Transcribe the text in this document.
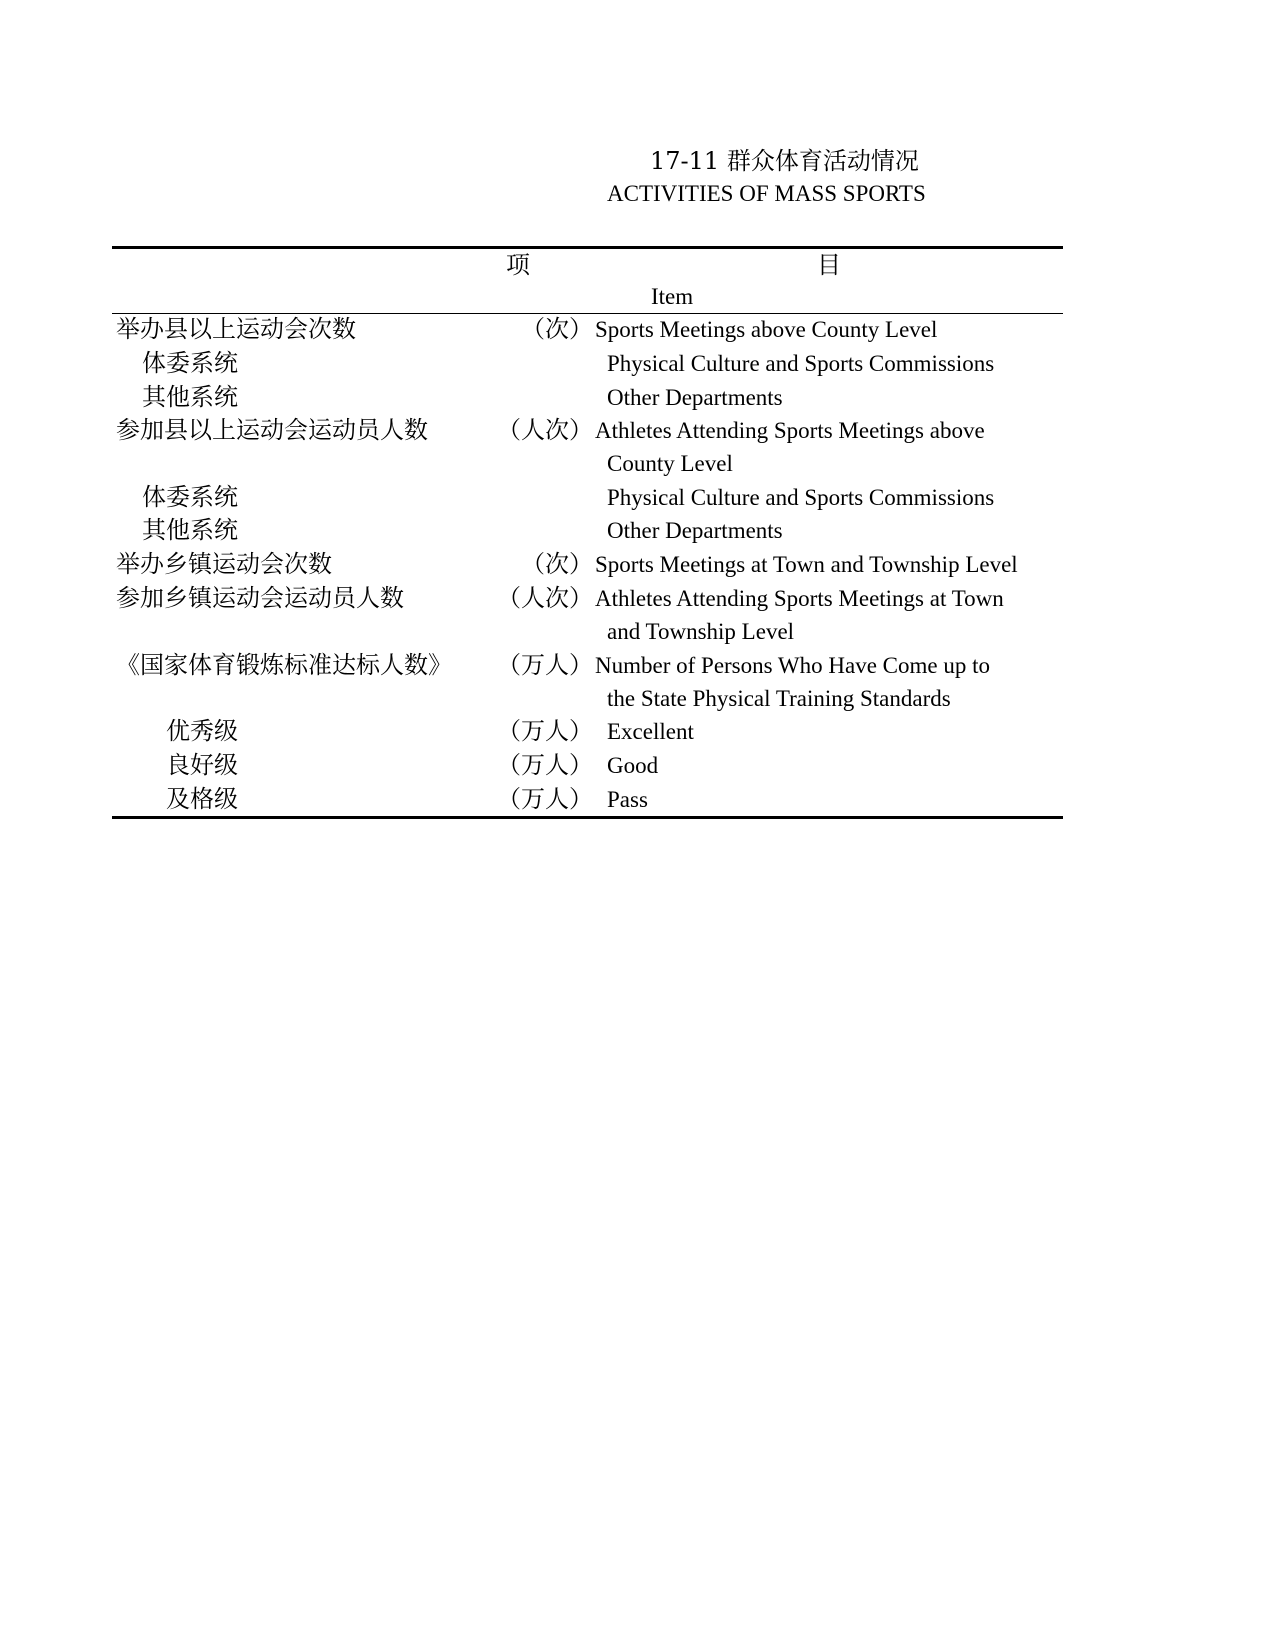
17-11 群众体育活动情况
ACTIVITIES OF MASS SPORTS
项	目
Item
举办县以上运动会次数	（次） Sports Meetings above County Level
体委系统	Physical Culture and Sports Commissions
其他系统	Other Departments
参加县以上运动会运动员人数	（人次） Athletes Attending Sports Meetings above
County Level
体委系统	Physical Culture and Sports Commissions
其他系统	Other Departments
举办乡镇运动会次数	（次） Sports Meetings at Town and Township Level
参加乡镇运动会运动员人数	（人次） Athletes Attending Sports Meetings at Town
and Township Level
《国家体育锻炼标准达标人数》 （万人） Number of Persons Who Have Come up to
the State Physical Training Standards
优秀级	（万人） Excellent
良好级	（万人） Good
及格级	（万人） Pass
